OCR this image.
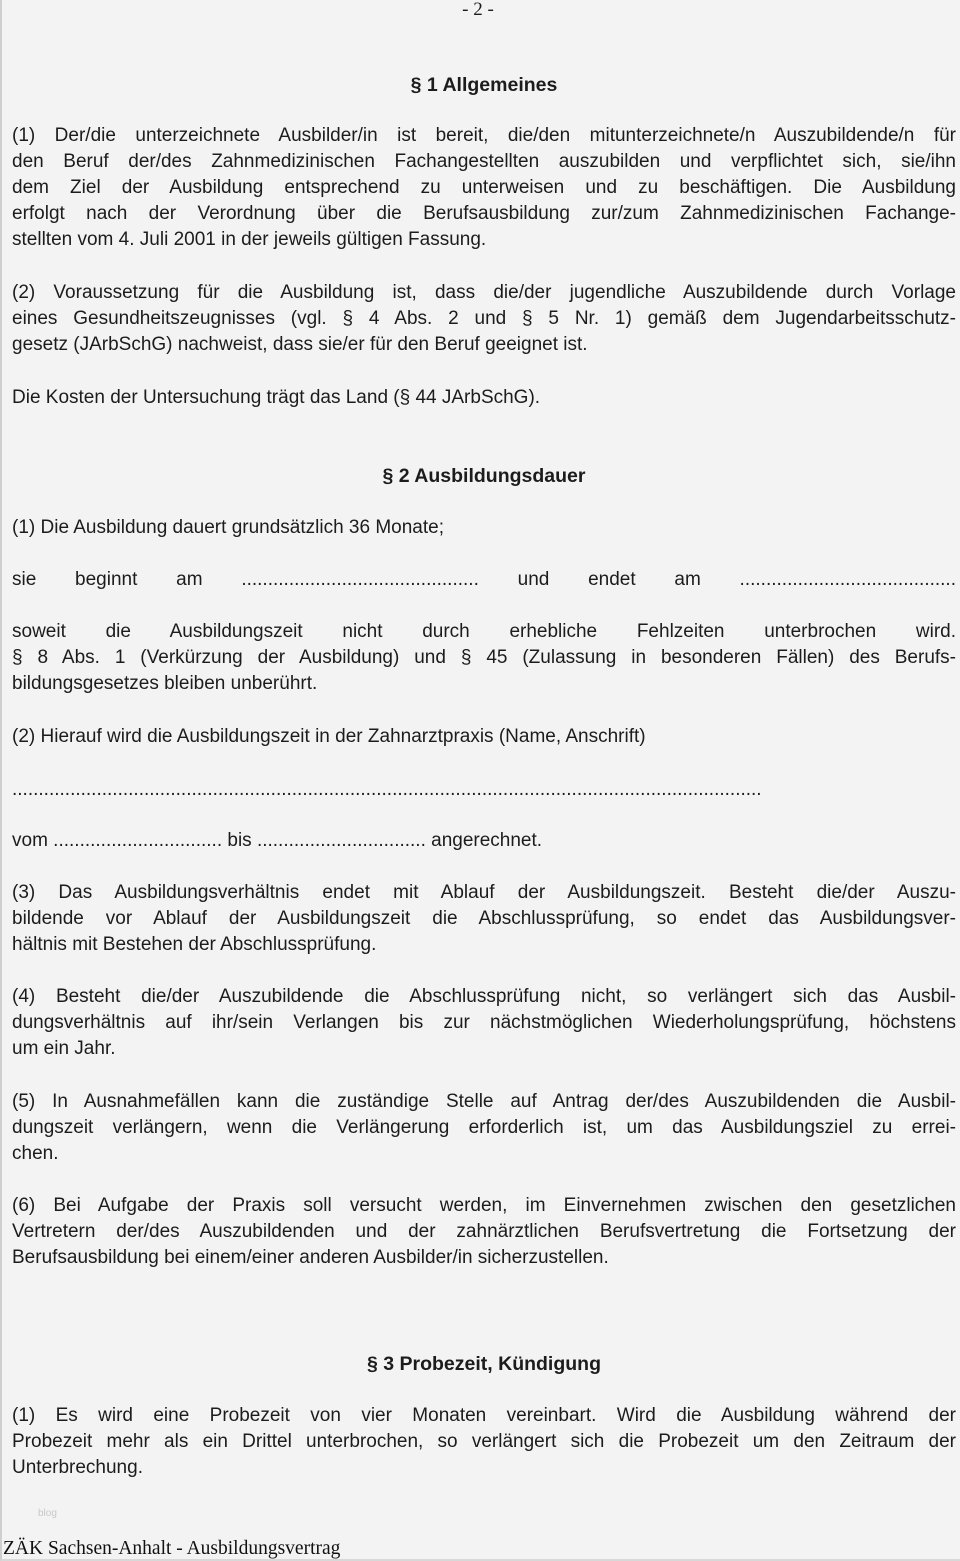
- 2 -
§ 1 Allgemeines
(1) Der/die unterzeichnete Ausbilder/in ist bereit, die/den mitunterzeichnete/n Auszubildende/n für
den Beruf der/des Zahnmedizinischen Fachangestellten auszubilden und verpflichtet sich, sie/ihn
dem Ziel der Ausbildung entsprechend zu unterweisen und zu beschäftigen. Die Ausbildung
erfolgt nach der Verordnung über die Berufsausbildung zur/zum Zahnmedizinischen Fachange-
stellten vom 4. Juli 2001 in der jeweils gültigen Fassung.
(2) Voraussetzung für die Ausbildung ist, dass die/der jugendliche Auszubildende durch Vorlage
eines Gesundheitszeugnisses (vgl. § 4 Abs. 2 und § 5 Nr. 1) gemäß dem Jugendarbeitsschutz-
gesetz (JArbSchG) nachweist, dass sie/er für den Beruf geeignet ist.
Die Kosten der Untersuchung trägt das Land (§ 44 JArbSchG).
§ 2 Ausbildungsdauer
(1) Die Ausbildung dauert grundsätzlich 36 Monate;
sie beginnt am ............................................. und endet am .........................................
soweit die Ausbildungszeit nicht durch erhebliche Fehlzeiten unterbrochen wird.
§ 8 Abs. 1 (Verkürzung der Ausbildung) und § 45 (Zulassung in besonderen Fällen) des Berufs-
bildungsgesetzes bleiben unberührt.
(2) Hierauf wird die Ausbildungszeit in der Zahnarztpraxis (Name, Anschrift)
..............................................................................................................................................
vom ................................ bis ................................ angerechnet.
(3) Das Ausbildungsverhältnis endet mit Ablauf der Ausbildungszeit. Besteht die/der Auszu-
bildende vor Ablauf der Ausbildungszeit die Abschlussprüfung, so endet das Ausbildungsver-
hältnis mit Bestehen der Abschlussprüfung.
(4) Besteht die/der Auszubildende die Abschlussprüfung nicht, so verlängert sich das Ausbil-
dungsverhältnis auf ihr/sein Verlangen bis zur nächstmöglichen Wiederholungsprüfung, höchstens
um ein Jahr.
(5) In Ausnahmefällen kann die zuständige Stelle auf Antrag der/des Auszubildenden die Ausbil-
dungszeit verlängern, wenn die Verlängerung erforderlich ist, um das Ausbildungsziel zu errei-
chen.
(6) Bei Aufgabe der Praxis soll versucht werden, im Einvernehmen zwischen den gesetzlichen
Vertretern der/des Auszubildenden und der zahnärztlichen Berufsvertretung die Fortsetzung der
Berufsausbildung bei einem/einer anderen Ausbilder/in sicherzustellen.
§ 3 Probezeit, Kündigung
(1) Es wird eine Probezeit von vier Monaten vereinbart. Wird die Ausbildung während der
Probezeit mehr als ein Drittel unterbrochen, so verlängert sich die Probezeit um den Zeitraum der
Unterbrechung.
blog
ZÄK Sachsen-Anhalt - Ausbildungsvertrag
